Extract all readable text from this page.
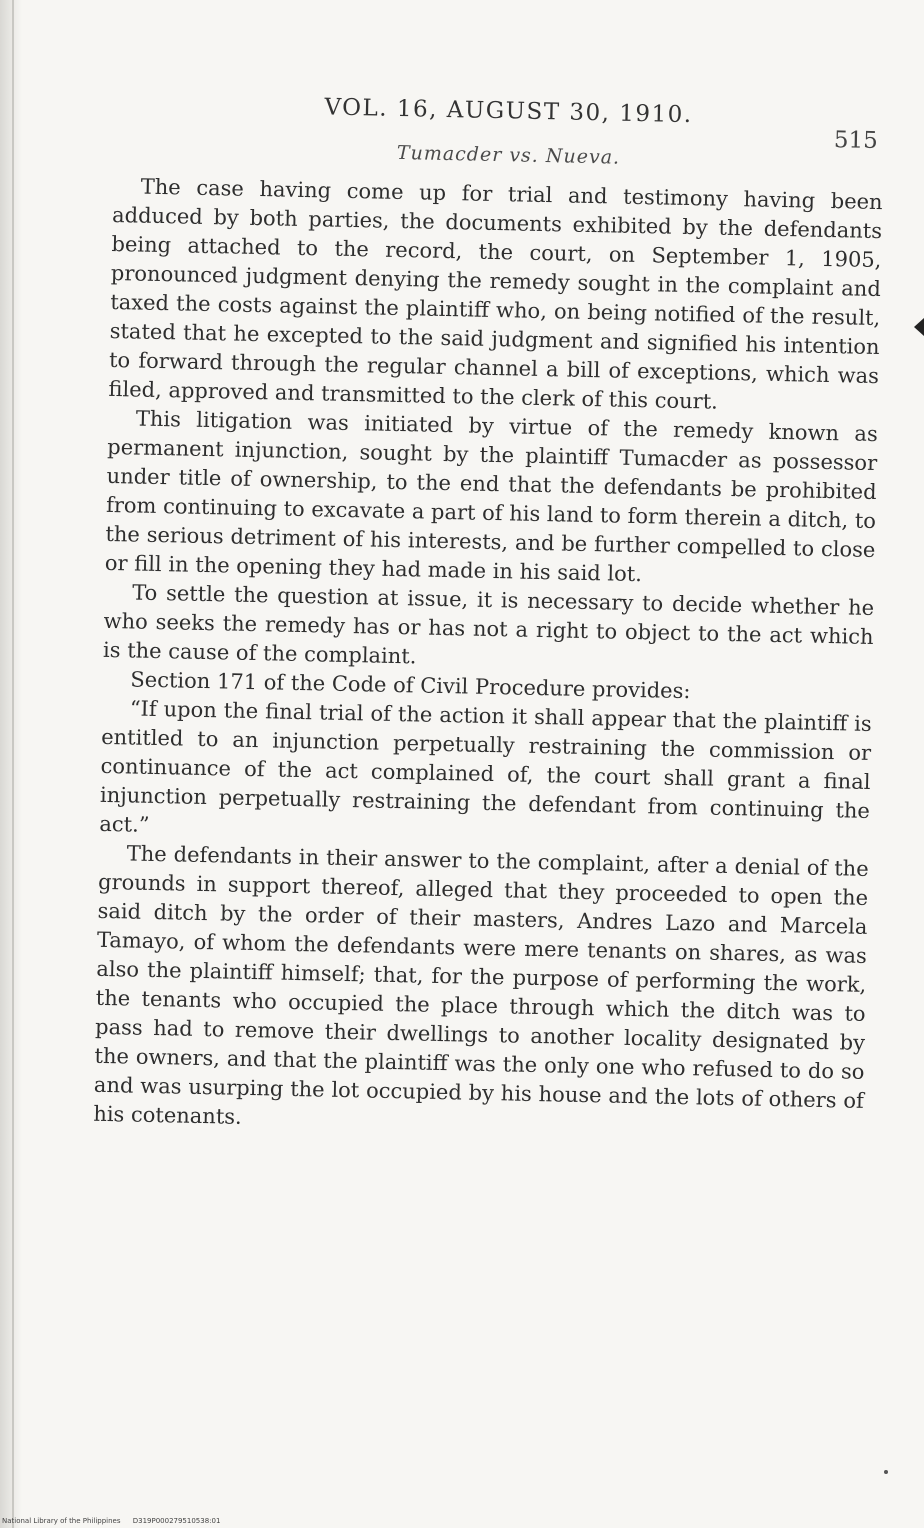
VOL. 16, AUGUST 30, 1910.
515
Tumacder vs. Nueva.

The case having come up for trial and testimony having been adduced by both parties, the documents exhibited by the defendants being attached to the record, the court, on September 1, 1905, pronounced judgment denying the remedy sought in the complaint and taxed the costs against the plaintiff who, on being notified of the result, stated that he excepted to the said judgment and signified his intention to forward through the regular channel a bill of exceptions, which was filed, approved and transmitted to the clerk of this court.

This litigation was initiated by virtue of the remedy known as permanent injunction, sought by the plaintiff Tumacder as possessor under title of ownership, to the end that the defendants be prohibited from continuing to excavate a part of his land to form therein a ditch, to the serious detriment of his interests, and be further compelled to close or fill in the opening they had made in his said lot.

To settle the question at issue, it is necessary to decide whether he who seeks the remedy has or has not a right to object to the act which is the cause of the complaint.

Section 171 of the Code of Civil Procedure provides:

“If upon the final trial of the action it shall appear that the plaintiff is entitled to an injunction perpetually restraining the commission or continuance of the act complained of, the court shall grant a final injunction perpetually restraining the defendant from continuing the act.”

The defendants in their answer to the complaint, after a denial of the grounds in support thereof, alleged that they proceeded to open the said ditch by the order of their masters, Andres Lazo and Marcela Tamayo, of whom the defendants were mere tenants on shares, as was also the plaintiff himself; that, for the purpose of performing the work, the tenants who occupied the place through which the ditch was to pass had to remove their dwellings to another locality designated by the owners, and that the plaintiff was the only one who refused to do so and was usurping the lot occupied by his house and the lots of others of his cotenants.

National Library of the Philippines D319P000279510538:01
